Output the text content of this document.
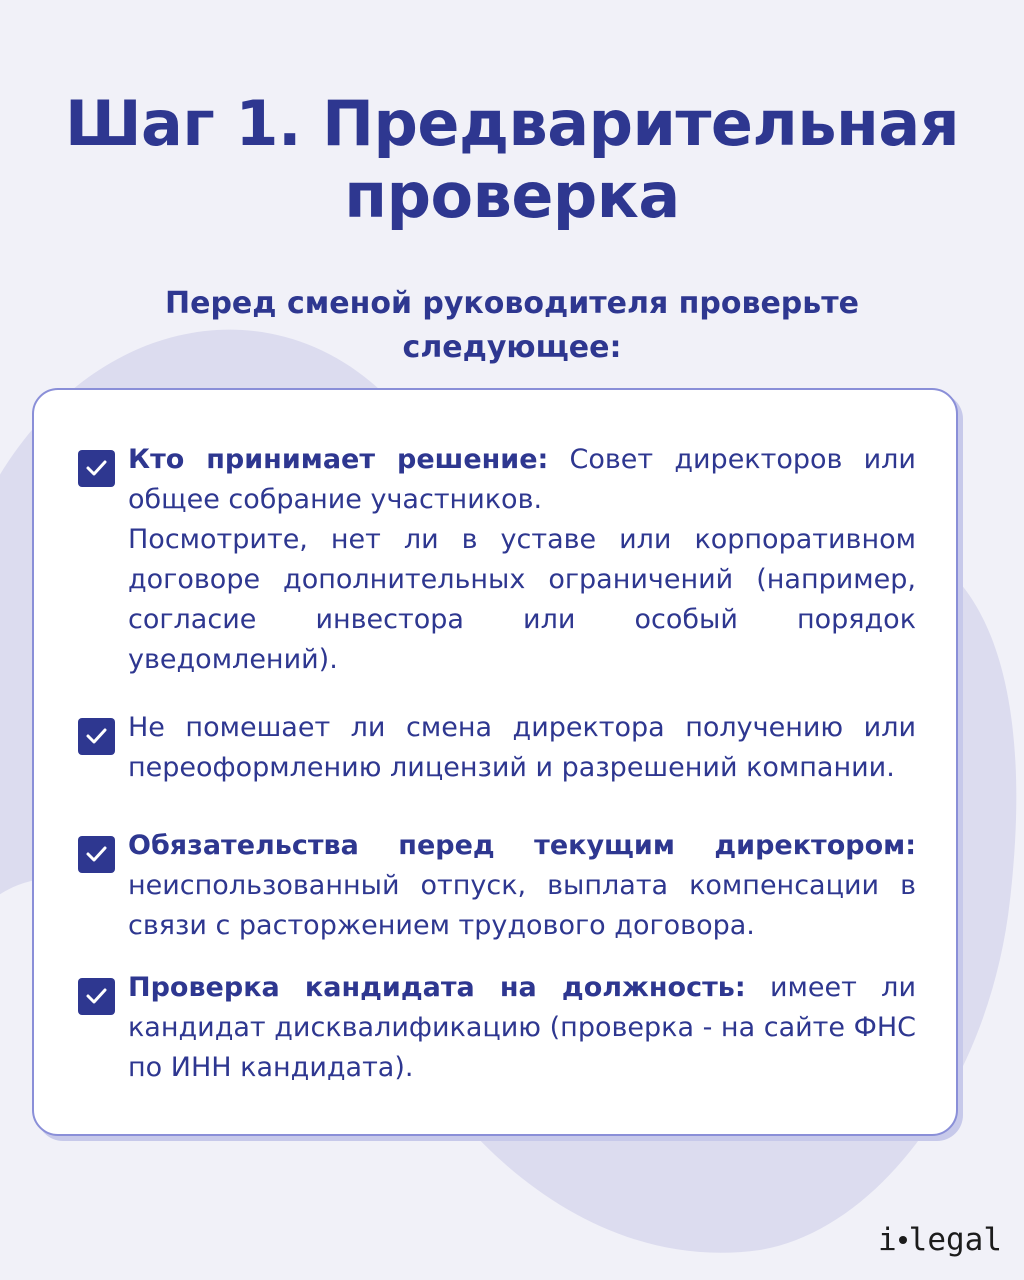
Шаг 1. Предварительная
проверка
Перед сменой руководителя проверьте
следующее:

Кто принимает решение: Совет директоров или общее собрание участников.

Посмотрите, нет ли в уставе или корпоративном договоре дополнительных ограничений (например, согласие инвестора или особый порядок уведомлений).

Не помешает ли смена директора получению или переоформлению лицензий и разрешений компании.

Обязательства перед текущим директором: неиспользованный отпуск, выплата компенсации в связи с расторжением трудового договора.

Проверка кандидата на должность: имеет ли кандидат дисквалификацию (проверка - на сайте ФНС по ИНН кандидата).

i legal
